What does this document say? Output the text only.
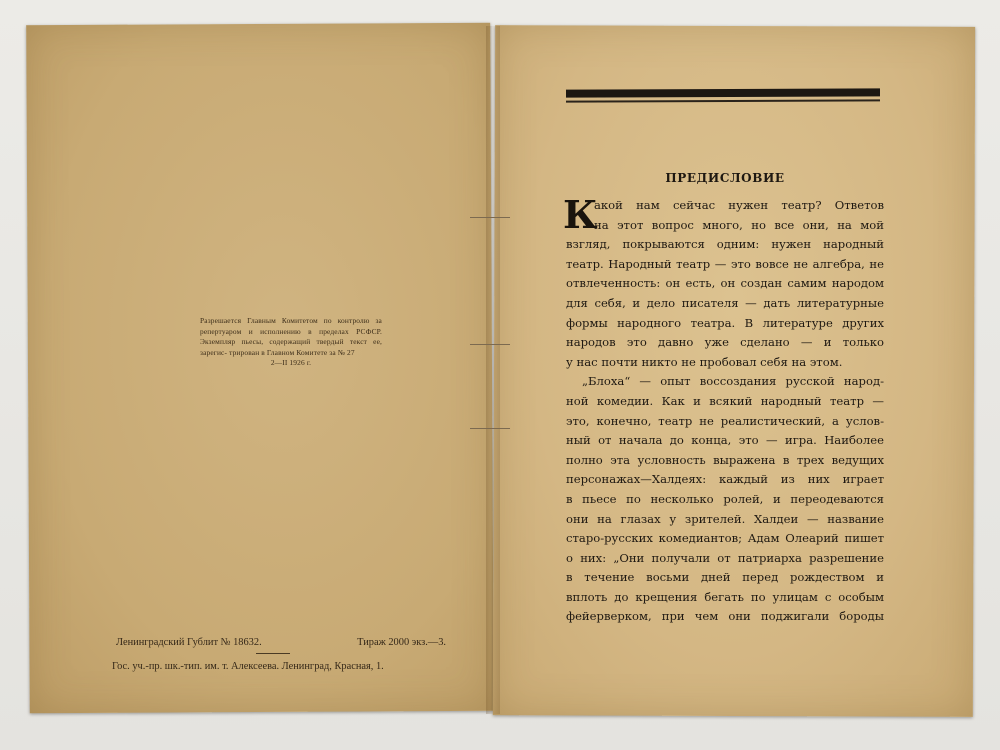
Разрешается Главным Комитетом по контролю за репертуаром и исполнению в пределах РСФСР. Экземпляр пьесы, содержащий твердый текст ее, зарегис- трирован в Главном Комитете за № 27
2—II 1926 г.
Ленинградский Гублит № 18632.	Тираж 2000 экз.—3.
Гос. уч.-пр. шк.-тип. им. т. Алексеева. Ленинград, Красная, 1.
ПРЕДИСЛОВИЕ
К
акой нам сейчас нужен театр? Ответов
на этот вопрос много, но все они, на мой
взгляд, покрываются одним: нужен народный
театр. Народный театр — это вовсе не алгебра, не
отвлеченность: он есть, он создан самим народом
для себя, и дело писателя — дать литературные
формы народного театра. В литературе других
народов это давно уже сделано — и только
у нас почти никто не пробовал себя на этом.
„Блоха“ — опыт воссоздания русской народ-
ной комедии. Как и всякий народный театр —
это, конечно, театр не реалистический, а услов-
ный от начала до конца, это — игра. Наиболее
полно эта условность выражена в трех ведущих
персонажах—Халдеях: каждый из них играет
в пьесе по несколько ролей, и переодеваются
они на глазах у зрителей. Халдеи — название
старо-русских комедиантов; Адам Олеарий пишет
о них: „Они получали от патриарха разрешение
в течение восьми дней перед рождеством и
вплоть до крещения бегать по улицам с особым
фейерверком, при чем они поджигали бороды
